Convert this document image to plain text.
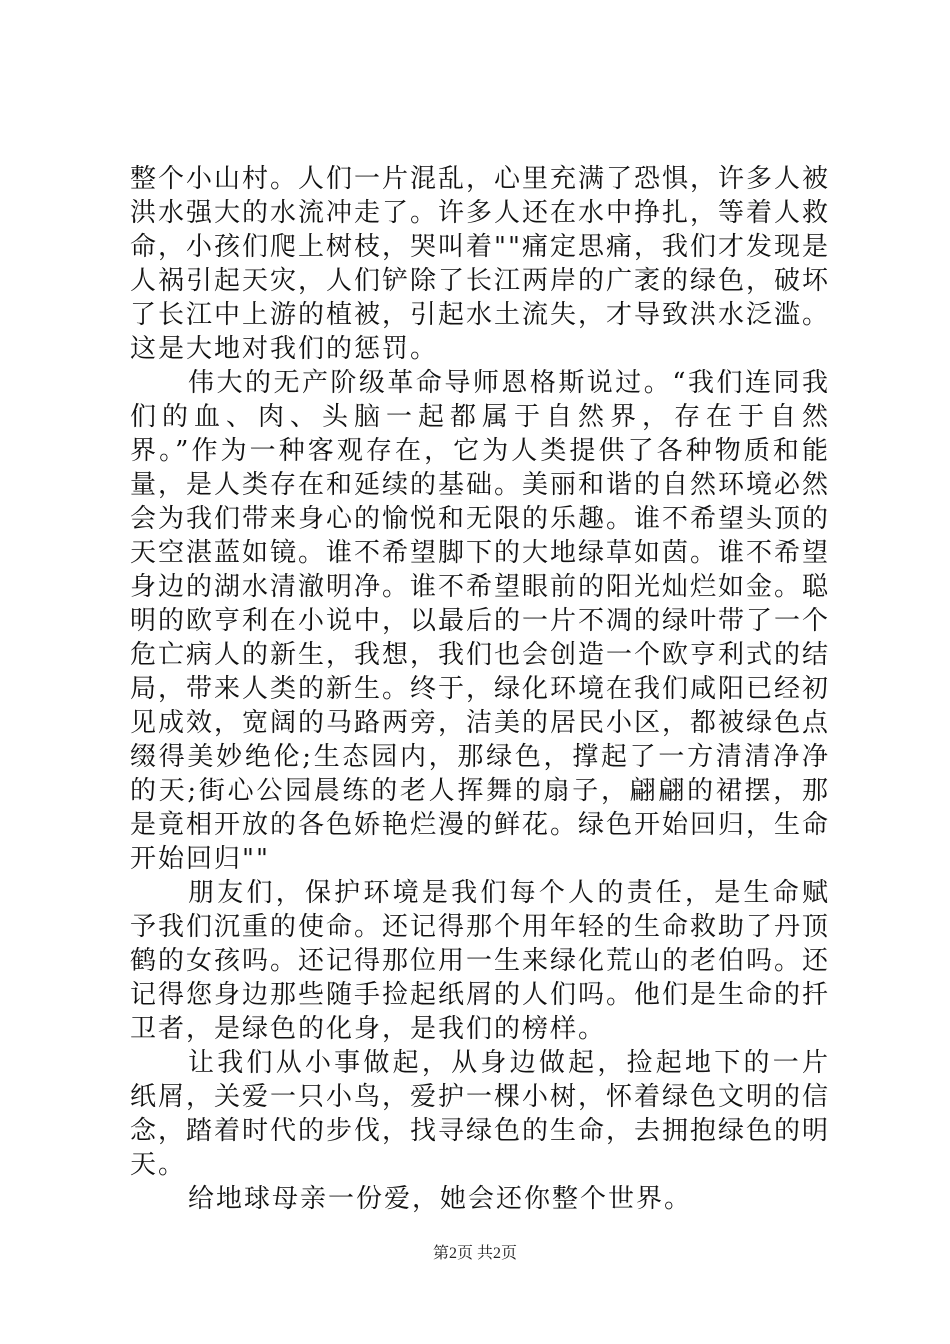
整个小山村。人们一片混乱，心里充满了恐惧，许多人被洪水强大的水流冲走了。许多人还在水中挣扎，等着人救命，小孩们爬上树枝，哭叫着""痛定思痛，我们才发现是人祸引起天灾，人们铲除了长江两岸的广袤的绿色，破坏了长江中上游的植被，引起水土流失，才导致洪水泛滥。这是大地对我们的惩罚。

伟大的无产阶级革命导师恩格斯说过。“我们连同我们的血、肉、头脑一起都属于自然界，存在于自然界。”作为一种客观存在，它为人类提供了各种物质和能量，是人类存在和延续的基础。美丽和谐的自然环境必然会为我们带来身心的愉悦和无限的乐趣。谁不希望头顶的天空湛蓝如镜。谁不希望脚下的大地绿草如茵。谁不希望身边的湖水清澈明净。谁不希望眼前的阳光灿烂如金。聪明的欧亨利在小说中，以最后的一片不凋的绿叶带了一个危亡病人的新生，我想，我们也会创造一个欧亨利式的结局，带来人类的新生。终于，绿化环境在我们咸阳已经初见成效，宽阔的马路两旁，洁美的居民小区，都被绿色点缀得美妙绝伦;生态园内，那绿色，撑起了一方清清净净的天;街心公园晨练的老人挥舞的扇子，翩翩的裙摆，那是竟相开放的各色娇艳烂漫的鲜花。绿色开始回归，生命开始回归""

朋友们，保护环境是我们每个人的责任，是生命赋予我们沉重的使命。还记得那个用年轻的生命救助了丹顶鹤的女孩吗。还记得那位用一生来绿化荒山的老伯吗。还记得您身边那些随手捡起纸屑的人们吗。他们是生命的扦卫者，是绿色的化身，是我们的榜样。

让我们从小事做起，从身边做起，捡起地下的一片纸屑，关爱一只小鸟，爱护一棵小树，怀着绿色文明的信念，踏着时代的步伐，找寻绿色的生命，去拥抱绿色的明天。

给地球母亲一份爱，她会还你整个世界。

第2页 共2页
